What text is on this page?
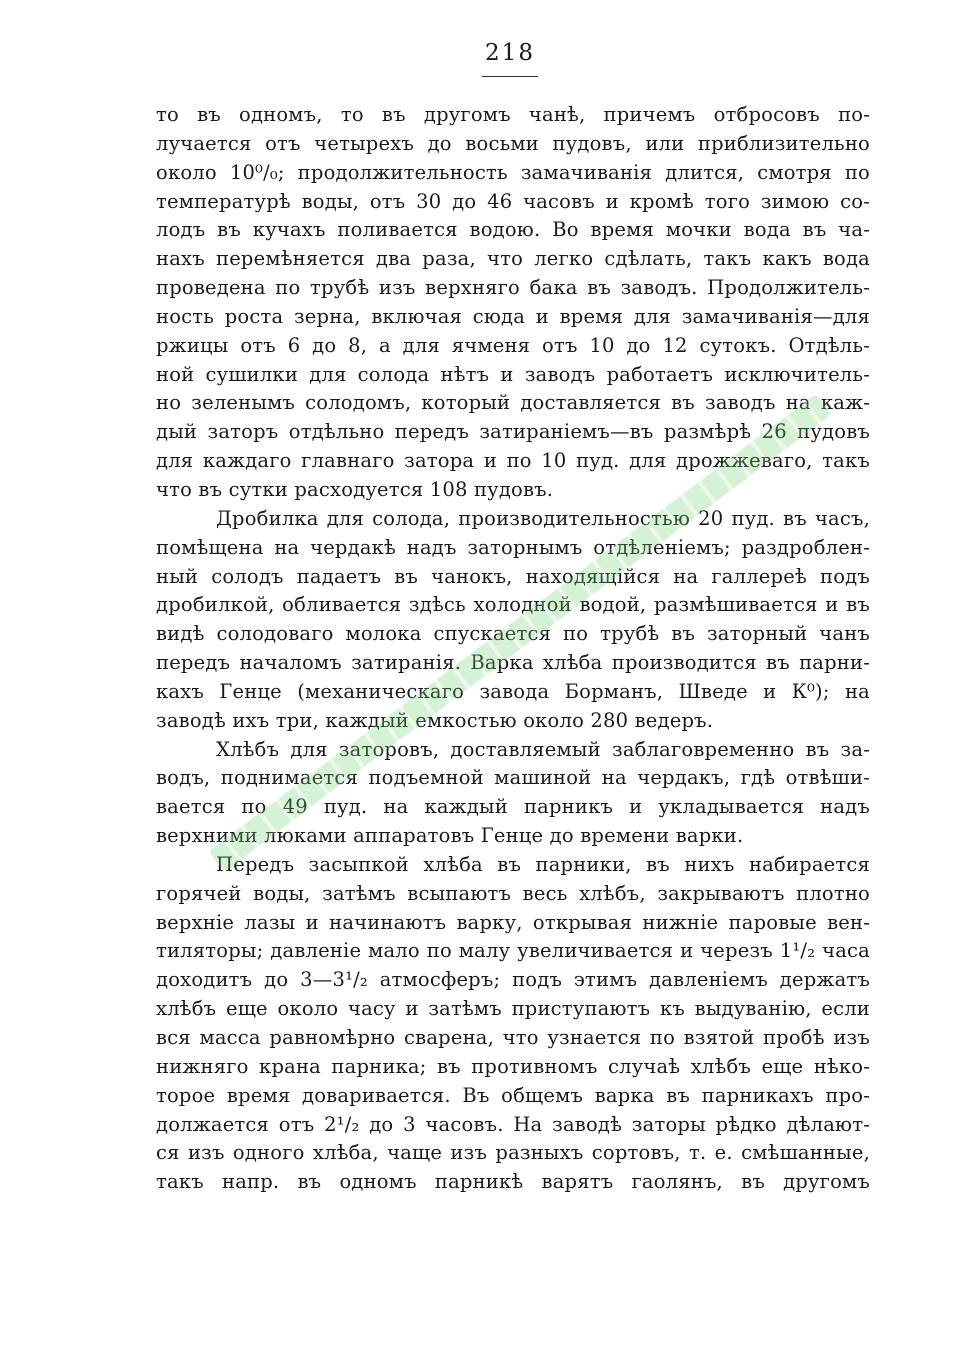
218
то въ одномъ, то въ другомъ чанѣ, причемъ отбросовъ по-
лучается отъ четырехъ до восьми пудовъ, или приблизительно
около 10⁰/₀; продолжительность замачиванія длится, смотря по
температурѣ воды, отъ 30 до 46 часовъ и кромѣ того зимою со-
лодъ въ кучахъ поливается водою. Во время мочки вода въ ча-
нахъ перемѣняется два раза, что легко сдѣлать, такъ какъ вода
проведена по трубѣ изъ верхняго бака въ заводъ. Продолжитель-
ность роста зерна, включая сюда и время для замачиванія—для
ржицы отъ 6 до 8, а для ячменя отъ 10 до 12 сутокъ. Отдѣль-
ной сушилки для солода нѣтъ и заводъ работаетъ исключитель-
но зеленымъ солодомъ, который доставляется въ заводъ на каж-
дый заторъ отдѣльно передъ затираніемъ—въ размѣрѣ 26 пудовъ
для каждаго главнаго затора и по 10 пуд. для дрожжеваго, такъ
что въ сутки расходуется 108 пудовъ.
Дробилка для солода, производительностью 20 пуд. въ часъ,
помѣщена на чердакѣ надъ заторнымъ отдѣленіемъ; раздроблен-
ный солодъ падаетъ въ чанокъ, находящійся на галлереѣ подъ
дробилкой, обливается здѣсь холодной водой, размѣшивается и въ
видѣ солодоваго молока спускается по трубѣ въ заторный чанъ
передъ началомъ затиранія. Варка хлѣба производится въ парни-
кахъ Генце (механическаго завода Борманъ, Шведе и К⁰); на
заводѣ ихъ три, каждый емкостью около 280 ведеръ.
Хлѣбъ для заторовъ, доставляемый заблаговременно въ за-
водъ, поднимается подъемной машиной на чердакъ, гдѣ отвѣши-
вается по 49 пуд. на каждый парникъ и укладывается надъ
верхними люками аппаратовъ Генце до времени варки.
Передъ засыпкой хлѣба въ парники, въ нихъ набирается
горячей воды, затѣмъ всыпаютъ весь хлѣбъ, закрываютъ плотно
верхніе лазы и начинаютъ варку, открывая нижніе паровые вен-
тиляторы; давленіе мало по малу увеличивается и черезъ 1¹/₂ часа
доходитъ до 3—3¹/₂ атмосферъ; подъ этимъ давленіемъ держатъ
хлѣбъ еще около часу и затѣмъ приступаютъ къ выдуванію, если
вся масса равномѣрно сварена, что узнается по взятой пробѣ изъ
нижняго крана парника; въ противномъ случаѣ хлѣбъ еще нѣко-
торое время доваривается. Въ общемъ варка въ парникахъ про-
должается отъ 2¹/₂ до 3 часовъ. На заводѣ заторы рѣдко дѣлают-
ся изъ одного хлѣба, чаще изъ разныхъ сортовъ, т. е. смѣшанные,
такъ напр. въ одномъ парникѣ варятъ гаолянъ, въ другомъ
